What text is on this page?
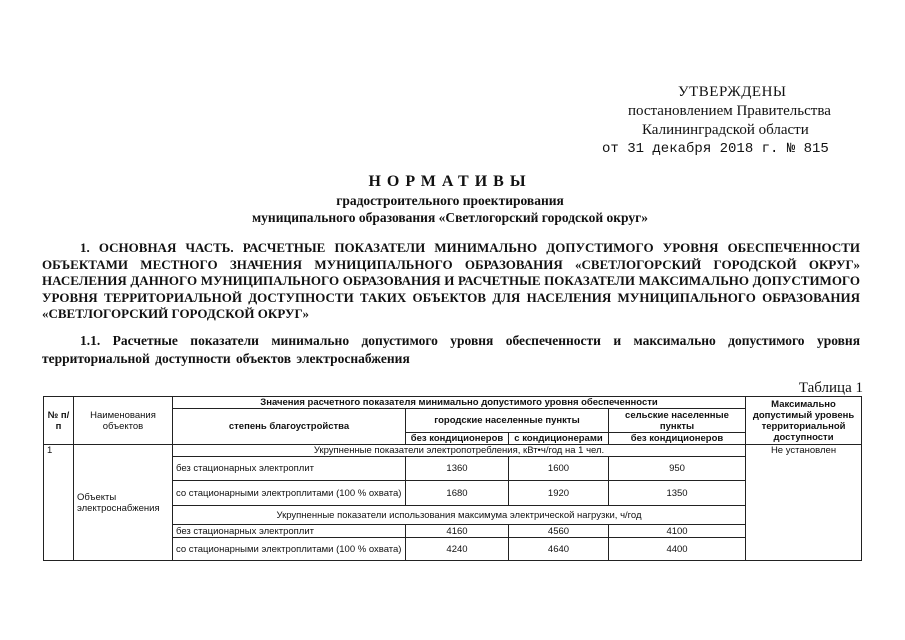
УТВЕРЖДЕНЫ
постановлением Правительства
Калининградской области
от 31 декабря 2018 г. № 815
НОРМАТИВЫ
градостроительного проектирования
муниципального образования «Светлогорский городской округ»
1. ОСНОВНАЯ ЧАСТЬ. РАСЧЕТНЫЕ ПОКАЗАТЕЛИ МИНИМАЛЬНО ДОПУСТИМОГО УРОВНЯ ОБЕСПЕЧЕННОСТИ ОБЪЕКТАМИ МЕСТНОГО ЗНАЧЕНИЯ МУНИЦИПАЛЬНОГО ОБРАЗОВАНИЯ «СВЕТЛОГОРСКИЙ ГОРОДСКОЙ ОКРУГ» НАСЕЛЕНИЯ ДАННОГО МУНИЦИПАЛЬНОГО ОБРАЗОВАНИЯ И РАСЧЕТНЫЕ ПОКАЗАТЕЛИ МАКСИМАЛЬНО ДОПУСТИМОГО УРОВНЯ ТЕРРИТОРИАЛЬНОЙ ДОСТУПНОСТИ ТАКИХ ОБЪЕКТОВ ДЛЯ НАСЕЛЕНИЯ МУНИЦИПАЛЬНОГО ОБРАЗОВАНИЯ «СВЕТЛОГОРСКИЙ ГОРОДСКОЙ ОКРУГ»
1.1. Расчетные показатели минимально допустимого уровня обеспеченности и максимально допустимого уровня территориальной доступности объектов электроснабжения
Таблица 1
№ п/п	Наименования объектов	Значения расчетного показателя минимально допустимого уровня обеспеченности				Максимально допустимый уровень территориальной доступности
		степень благоустройства	городские населенные пункты		сельские населенные пункты	
			без кондиционеров	с кондиционерами	без кондиционеров	
1	Объекты электроснабжения	Укрупненные показатели электропотребления, кВт•ч/год на 1 чел.				Не установлен
		без стационарных электроплит	1360	1600	950	
		со стационарными электроплитами (100 % охвата)	1680	1920	1350	
		Укрупненные показатели использования максимума электрической нагрузки, ч/год				
		без стационарных электроплит	4160	4560	4100	
		со стационарными электроплитами (100 % охвата)	4240	4640	4400	
